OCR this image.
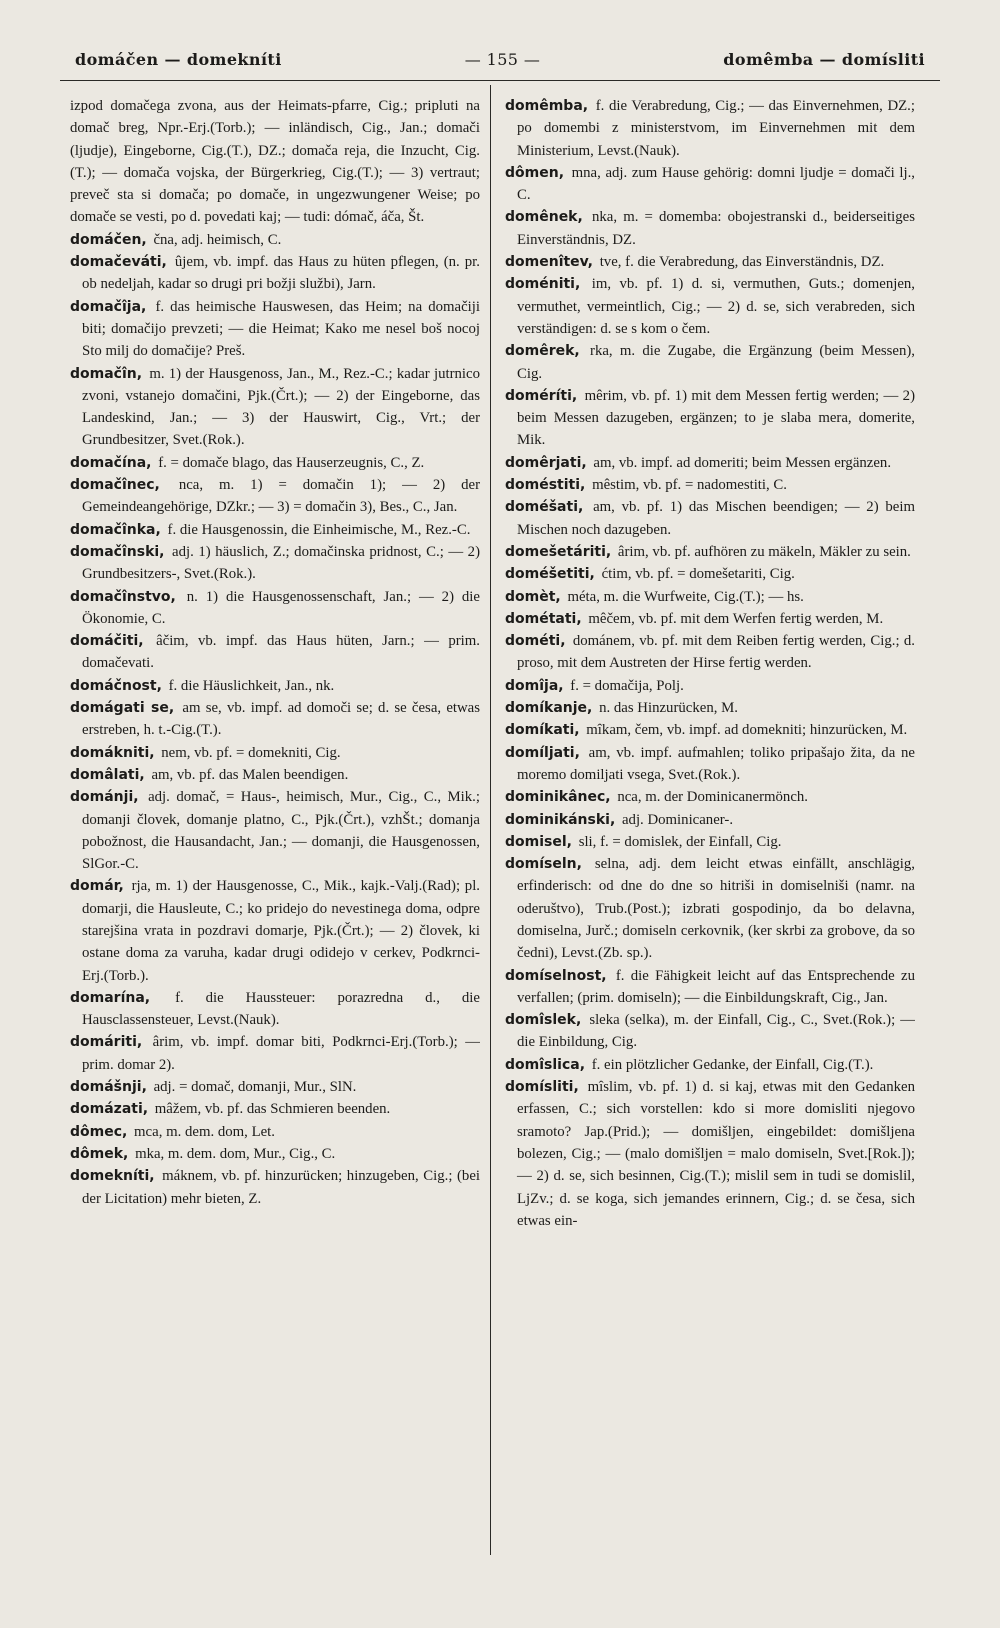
domáčen — domekníti	— 155 —	domêmba — domísliti

izpod domačega zvona, aus der Heimats-pfarre, Cig.; pripluti na domač breg, Npr.-Erj.(Torb.); — inländisch, Cig., Jan.; domači (ljudje), Eingeborne, Cig.(T.), DZ.; domača reja, die Inzucht, Cig.(T.); — domača vojska, der Bürgerkrieg, Cig.(T.); — 3) vertraut; preveč sta si domača; po domače, in ungezwungener Weise; po domače se vesti, po d. povedati kaj; — tudi: dómač, áča, Št.

domáčen, čna, adj. heimisch, C.

domačeváti, ûjem, vb. impf. das Haus zu hüten pflegen, (n. pr. ob nedeljah, kadar so drugi pri božji službi), Jarn.

domačîja, f. das heimische Hauswesen, das Heim; na domačiji biti; domačijo prevzeti; — die Heimat; Kako me nesel boš nocoj Sto milj do domačije? Preš.

domačîn, m. 1) der Hausgenoss, Jan., M., Rez.-C.; kadar jutrnico zvoni, vstanejo domačini, Pjk.(Črt.); — 2) der Eingeborne, das Landeskind, Jan.; — 3) der Hauswirt, Cig., Vrt.; der Grundbesitzer, Svet.(Rok.).

domačína, f. = domače blago, das Hauserzeugnis, C., Z.

domačînec, nca, m. 1) = domačin 1); — 2) der Gemeindeangehörige, DZkr.; — 3) = domačin 3), Bes., C., Jan.

domačînka, f. die Hausgenossin, die Einheimische, M., Rez.-C.

domačînski, adj. 1) häuslich, Z.; domačinska pridnost, C.; — 2) Grundbesitzers-, Svet.(Rok.).

domačînstvo, n. 1) die Hausgenossenschaft, Jan.; — 2) die Ökonomie, C.

domáčiti, âčim, vb. impf. das Haus hüten, Jarn.; — prim. domačevati.

domáčnost, f. die Häuslichkeit, Jan., nk.

domágati se, am se, vb. impf. ad domoči se; d. se česa, etwas erstreben, h. t.-Cig.(T.).

domákniti, nem, vb. pf. = domekniti, Cig.

domâlati, am, vb. pf. das Malen beendigen.

dománji, adj. domač, = Haus-, heimisch, Mur., Cig., C., Mik.; domanji človek, domanje platno, C., Pjk.(Črt.), vzhŠt.; domanja pobožnost, die Hausandacht, Jan.; — domanji, die Hausgenossen, SlGor.-C.

domár, rja, m. 1) der Hausgenosse, C., Mik., kajk.-Valj.(Rad); pl. domarji, die Hausleute, C.; ko pridejo do nevestinega doma, odpre starejšina vrata in pozdravi domarje, Pjk.(Črt.); — 2) človek, ki ostane doma za varuha, kadar drugi odidejo v cerkev, Podkrnci-Erj.(Torb.).

domarína, f. die Haussteuer: porazredna d., die Hausclassensteuer, Levst.(Nauk).

domáriti, ârim, vb. impf. domar biti, Podkrnci-Erj.(Torb.); — prim. domar 2).

domášnji, adj. = domač, domanji, Mur., SlN.

domázati, mâžem, vb. pf. das Schmieren beenden.

dômec, mca, m. dem. dom, Let.

dômek, mka, m. dem. dom, Mur., Cig., C.

domekníti, máknem, vb. pf. hinzurücken; hinzugeben, Cig.; (bei der Licitation) mehr bieten, Z.

domêmba, f. die Verabredung, Cig.; — das Einvernehmen, DZ.; po domembi z ministerstvom, im Einvernehmen mit dem Ministerium, Levst.(Nauk).

dômen, mna, adj. zum Hause gehörig: domni ljudje = domači lj., C.

domênek, nka, m. = domemba: obojestranski d., beiderseitiges Einverständnis, DZ.

domenîtev, tve, f. die Verabredung, das Einverständnis, DZ.

doméniti, im, vb. pf. 1) d. si, vermuthen, Guts.; domenjen, vermuthet, vermeintlich, Cig.; — 2) d. se, sich verabreden, sich verständigen: d. se s kom o čem.

domêrek, rka, m. die Zugabe, die Ergänzung (beim Messen), Cig.

doméríti, mêrim, vb. pf. 1) mit dem Messen fertig werden; — 2) beim Messen dazugeben, ergänzen; to je slaba mera, domerite, Mik.

domêrjati, am, vb. impf. ad domeriti; beim Messen ergänzen.

doméstiti, mêstim, vb. pf. = nadomestiti, C.

doméšati, am, vb. pf. 1) das Mischen beendigen; — 2) beim Mischen noch dazugeben.

domešetáriti, ârim, vb. pf. aufhören zu mäkeln, Mäkler zu sein.

doméšetiti, ćtim, vb. pf. = domešetariti, Cig.

domèt, méta, m. die Wurfweite, Cig.(T.); — hs.

dométati, mêčem, vb. pf. mit dem Werfen fertig werden, M.

dométi, dománem, vb. pf. mit dem Reiben fertig werden, Cig.; d. proso, mit dem Austreten der Hirse fertig werden.

domîja, f. = domačija, Polj.

domíkanje, n. das Hinzurücken, M.

domíkati, mîkam, čem, vb. impf. ad domekniti; hinzurücken, M.

domíljati, am, vb. impf. aufmahlen; toliko pripašajo žita, da ne moremo domiljati vsega, Svet.(Rok.).

dominikânec, nca, m. der Dominicanermönch.

dominikánski, adj. Dominicaner-.

domisel, sli, f. = domislek, der Einfall, Cig.

domíseln, selna, adj. dem leicht etwas einfällt, anschlägig, erfinderisch: od dne do dne so hitriši in domiselniši (namr. na oderuštvo), Trub.(Post.); izbrati gospodinjo, da bo delavna, domiselna, Jurč.; domiseln cerkovnik, (ker skrbi za grobove, da so čedni), Levst.(Zb. sp.).

domíselnost, f. die Fähigkeit leicht auf das Entsprechende zu verfallen; (prim. domiseln); — die Einbildungskraft, Cig., Jan.

domîslek, sleka (selka), m. der Einfall, Cig., C., Svet.(Rok.); — die Einbildung, Cig.

domîslica, f. ein plötzlicher Gedanke, der Einfall, Cig.(T.).

domísliti, mîslim, vb. pf. 1) d. si kaj, etwas mit den Gedanken erfassen, C.; sich vorstellen: kdo si more domisliti njegovo sramoto? Jap.(Prid.); — domišljen, eingebildet: domišljena bolezen, Cig.; — (malo domišljen = malo domiseln, Svet.[Rok.]); — 2) d. se, sich besinnen, Cig.(T.); mislil sem in tudi se domislil, LjZv.; d. se koga, sich jemandes erinnern, Cig.; d. se česa, sich etwas ein-
